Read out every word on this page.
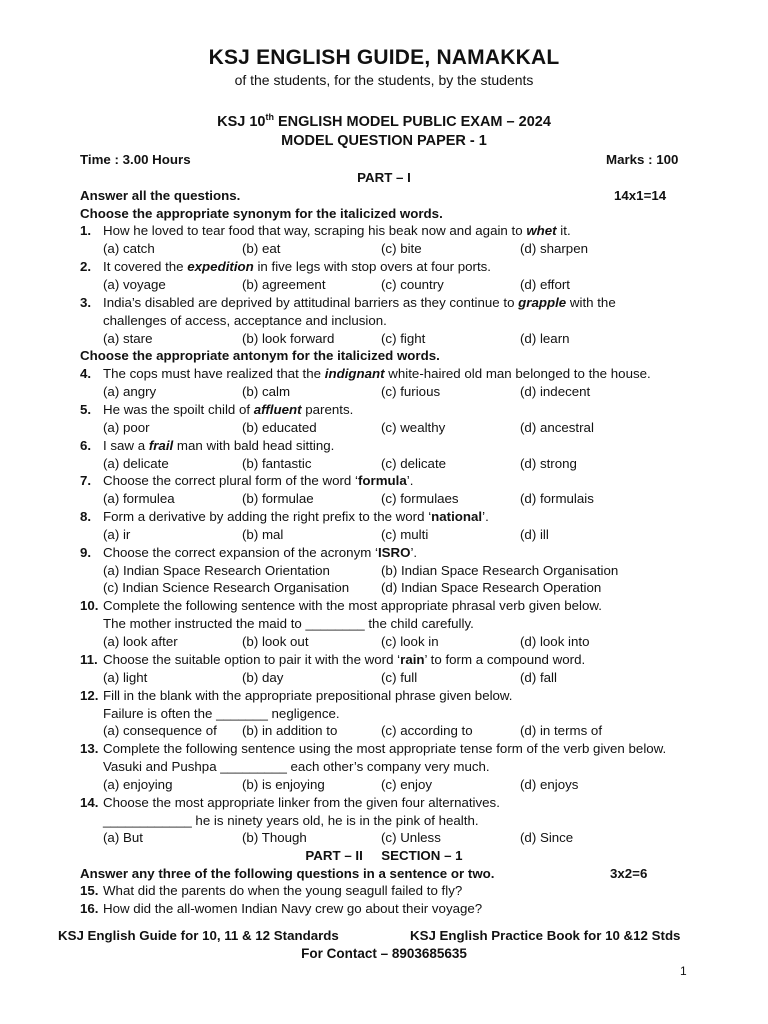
KSJ ENGLISH GUIDE, NAMAKKAL
of the students, for the students, by the students
KSJ 10th ENGLISH MODEL PUBLIC EXAM – 2024
MODEL QUESTION PAPER - 1
Time : 3.00 Hours	Marks : 100
PART – I
Answer all the questions.	14x1=14
Choose the appropriate synonym for the italicized words.
1. How he loved to tear food that way, scraping his beak now and again to whet it.
(a) catch	(b) eat	(c) bite	(d) sharpen
2. It covered the expedition in five legs with stop overs at four ports.
(a) voyage	(b) agreement	(c) country	(d) effort
3. India’s disabled are deprived by attitudinal barriers as they continue to grapple with the
challenges of access, acceptance and inclusion.
(a) stare	(b) look forward	(c) fight	(d) learn
Choose the appropriate antonym for the italicized words.
4. The cops must have realized that the indignant white-haired old man belonged to the house.
(a) angry	(b) calm	(c) furious	(d) indecent
5. He was the spoilt child of affluent parents.
(a) poor	(b) educated	(c) wealthy	(d) ancestral
6. I saw a frail man with bald head sitting.
(a) delicate	(b) fantastic	(c) delicate	(d) strong
7. Choose the correct plural form of the word ‘formula’.
(a) formulea	(b) formulae	(c) formulaes	(d) formulais
8. Form a derivative by adding the right prefix to the word ‘national’.
(a) ir	(b) mal	(c) multi	(d) ill
9. Choose the correct expansion of the acronym ‘ISRO’.
(a) Indian Space Research Orientation	(b) Indian Space Research Organisation
(c) Indian Science Research Organisation (d) Indian Space Research Operation
10. Complete the following sentence with the most appropriate phrasal verb given below.
The mother instructed the maid to ________ the child carefully.
(a) look after	(b) look out	(c) look in	(d) look into
11. Choose the suitable option to pair it with the word ‘rain’ to form a compound word.
(a) light	(b) day	(c) full	(d) fall
12. Fill in the blank with the appropriate prepositional phrase given below.
Failure is often the _______ negligence.
(a) consequence of (b) in addition to	(c) according to	(d) in terms of
13. Complete the following sentence using the most appropriate tense form of the verb given below.
Vasuki and Pushpa _________ each other’s company very much.
(a) enjoying	(b) is enjoying	(c) enjoy	(d) enjoys
14. Choose the most appropriate linker from the given four alternatives.
____________ he is ninety years old, he is in the pink of health.
(a) But	(b) Though	(c) Unless	(d) Since
PART – II     SECTION – 1
Answer any three of the following questions in a sentence or two.	3x2=6
15. What did the parents do when the young seagull failed to fly?
16. How did the all-women Indian Navy crew go about their voyage?
KSJ English Guide for 10, 11 & 12 Standards	KSJ English Practice Book for 10 &12 Stds
For Contact – 8903685635
1
